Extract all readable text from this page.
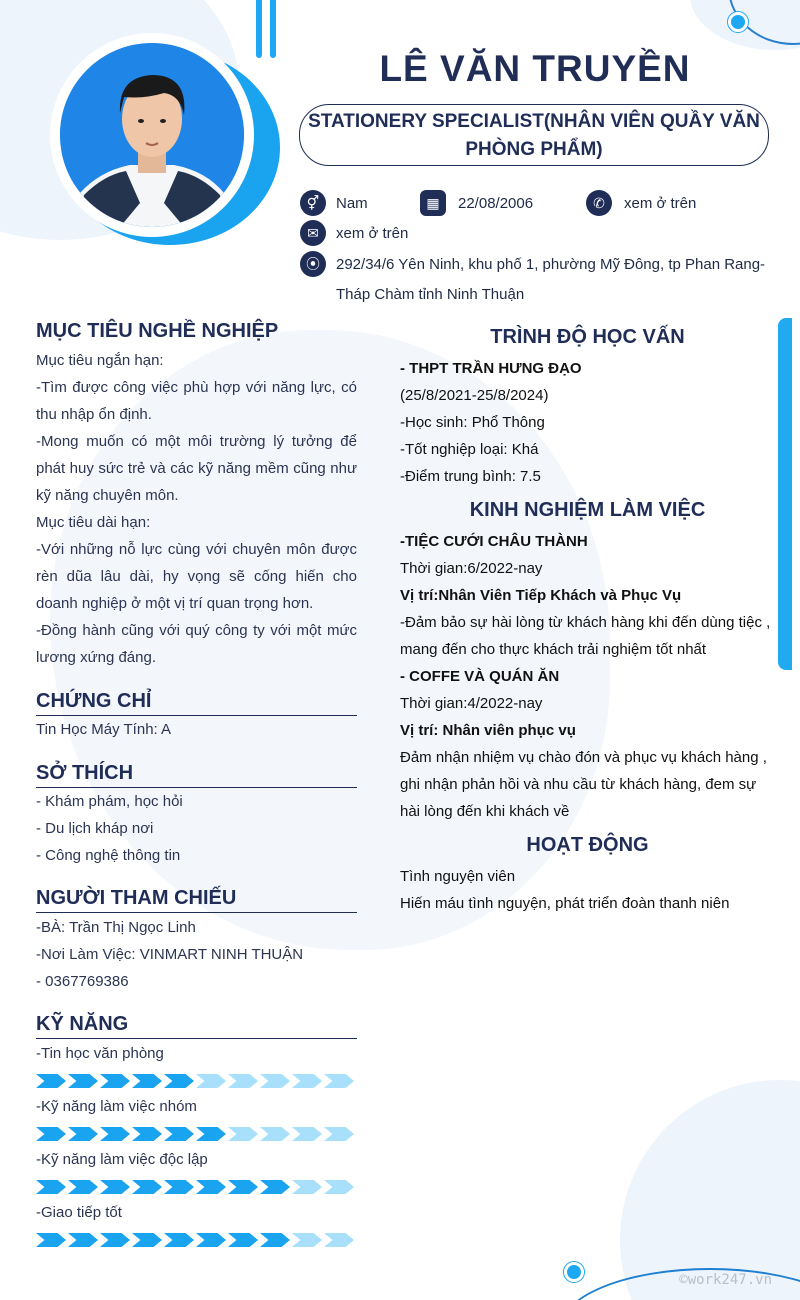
LÊ VĂN TRUYỀN
STATIONERY SPECIALIST(NHÂN VIÊN QUẦY VĂN PHÒNG PHẨM)
⚥	Nam	▦	22/08/2006	✆	xem ở trên
✉	xem ở trên
⦿	292/34/6 Yên Ninh, khu phố 1, phường Mỹ Đông, tp Phan Rang-Tháp Chàm tỉnh Ninh Thuận
MỤC TIÊU NGHỀ NGHIỆP
Mục tiêu ngắn hạn:
-Tìm được công việc phù hợp với năng lực, có thu nhập ổn định.
-Mong muốn có một môi trường lý tưởng để phát huy sức trẻ và các kỹ năng mềm cũng như kỹ năng chuyên môn.
Mục tiêu dài hạn:
-Với những nỗ lực cùng với chuyên môn được rèn dũa lâu dài, hy vọng sẽ cống hiến cho doanh nghiệp ở một vị trí quan trọng hơn.
-Đồng hành cũng với quý công ty với một mức lương xứng đáng.
CHỨNG CHỈ
Tin Học Máy Tính: A
SỞ THÍCH
- Khám phám, học hỏi
- Du lịch kháp nơi
- Công nghệ thông tin
NGƯỜI THAM CHIẾU
-BÀ: Trần Thị Ngọc Linh
-Nơi Làm Việc: VINMART NINH THUẬN
- 0367769386
KỸ NĂNG
-Tin học văn phòng
-Kỹ năng làm việc nhóm
-Kỹ năng làm việc độc lập
-Giao tiếp tốt
TRÌNH ĐỘ HỌC VẤN
- THPT TRẦN HƯNG ĐẠO
(25/8/2021-25/8/2024)
-Học sinh: Phổ Thông
-Tốt nghiệp loại: Khá
-Điểm trung bình: 7.5
KINH NGHIỆM LÀM VIỆC
-TIỆC CƯỚI CHÂU THÀNH
Thời gian:6/2022-nay
Vị trí:Nhân Viên Tiếp Khách và Phục Vụ
-Đảm bảo sự hài lòng từ khách hàng khi đến dùng tiệc , mang đến cho thực khách trải nghiệm tốt nhất
- COFFE VÀ QUÁN ĂN
Thời gian:4/2022-nay
Vị trí: Nhân viên phục vụ
Đảm nhận nhiệm vụ chào đón và phục vụ khách hàng , ghi nhận phản hồi và nhu cầu từ khách hàng, đem sự hài lòng đến khi khách về
HOẠT ĐỘNG
Tình nguyện viên
Hiến máu tình nguyện, phát triển đoàn thanh niên
©work247.vn
